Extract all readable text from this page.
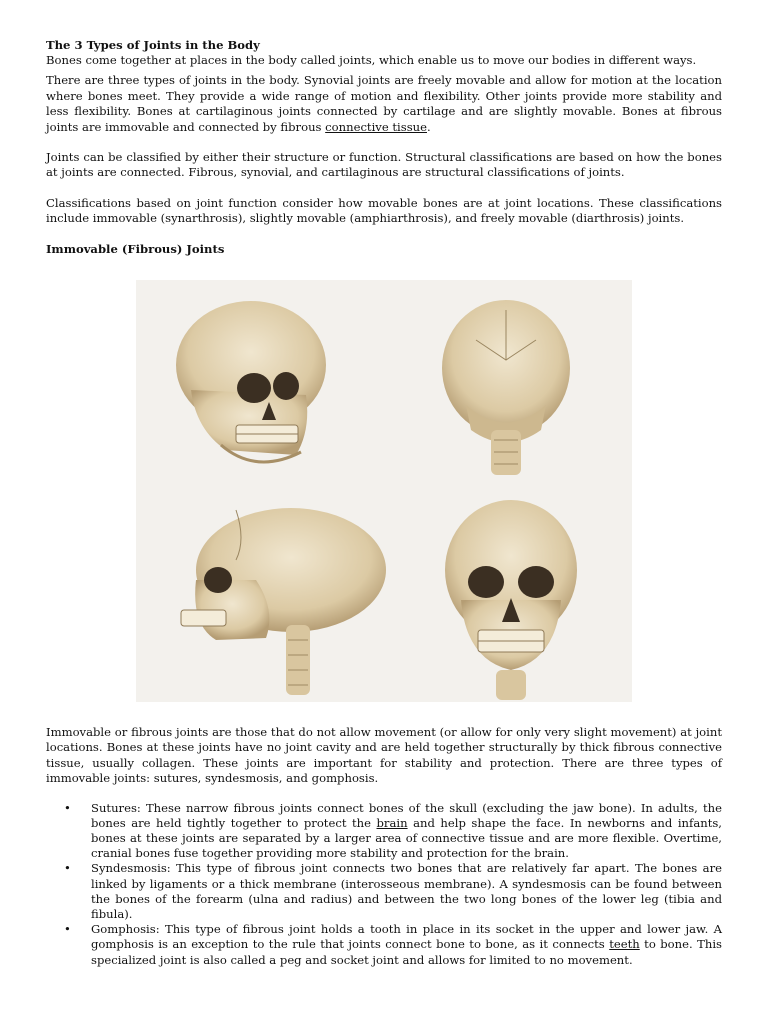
The 3 Types of Joints in the Body

Bones come together at places in the body called joints, which enable us to move our bodies in different ways.

There are three types of joints in the body. Synovial joints are freely movable and allow for motion at the location where bones meet. They provide a wide range of motion and flexibility. Other joints provide more stability and less flexibility. Bones at cartilaginous joints connected by cartilage and are slightly movable. Bones at fibrous joints are immovable and connected by fibrous connective tissue.

Joints can be classified by either their structure or function. Structural classifications are based on how the bones at joints are connected. Fibrous, synovial, and cartilaginous are structural classifications of joints.

Classifications based on joint function consider how movable bones are at joint locations. These classifications include immovable (synarthrosis), slightly movable (amphiarthrosis), and freely movable (diarthrosis) joints.

Immovable (Fibrous) Joints

Immovable or fibrous joints are those that do not allow movement (or allow for only very slight movement) at joint locations. Bones at these joints have no joint cavity and are held together structurally by thick fibrous connective tissue, usually collagen. These joints are important for stability and protection. There are three types of immovable joints: sutures, syndesmosis, and gomphosis.

• Sutures: These narrow fibrous joints connect bones of the skull (excluding the jaw bone). In adults, the bones are held tightly together to protect the brain and help shape the face. In newborns and infants, bones at these joints are separated by a larger area of connective tissue and are more flexible. Overtime, cranial bones fuse together providing more stability and protection for the brain.
• Syndesmosis: This type of fibrous joint connects two bones that are relatively far apart. The bones are linked by ligaments or a thick membrane (interosseous membrane). A syndesmosis can be found between the bones of the forearm (ulna and radius) and between the two long bones of the lower leg (tibia and fibula).
• Gomphosis: This type of fibrous joint holds a tooth in place in its socket in the upper and lower jaw. A gomphosis is an exception to the rule that joints connect bone to bone, as it connects teeth to bone. This specialized joint is also called a peg and socket joint and allows for limited to no movement.
